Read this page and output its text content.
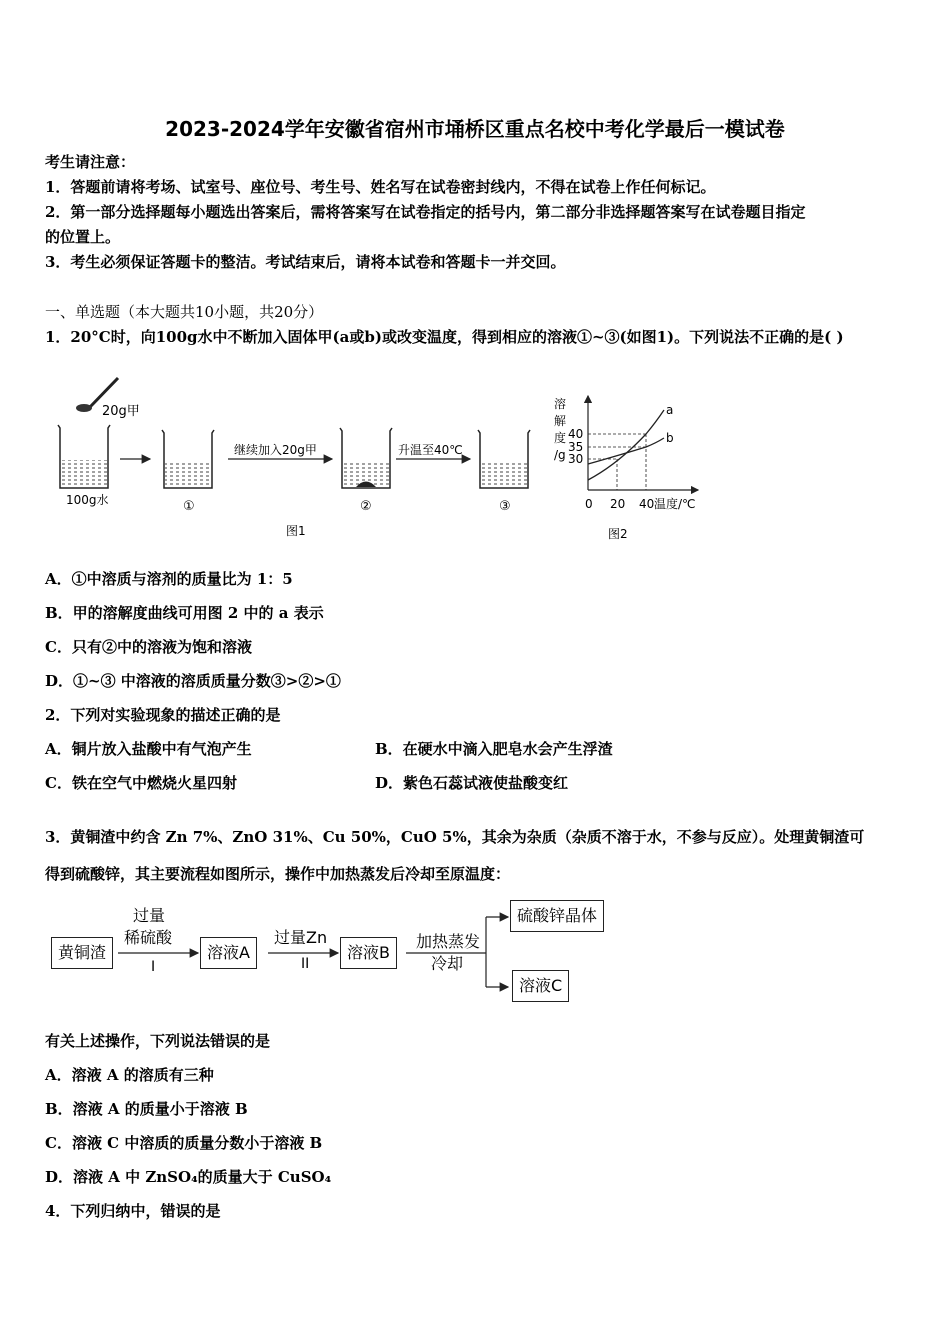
2023-2024学年安徽省宿州市埇桥区重点名校中考化学最后一模试卷
考生请注意：
1．答题前请将考场、试室号、座位号、考生号、姓名写在试卷密封线内，不得在试卷上作任何标记。
2．第一部分选择题每小题选出答案后，需将答案写在试卷指定的括号内，第二部分非选择题答案写在试卷题目指定
的位置上。
3．考生必须保证答题卡的整洁。考试结束后，请将本试卷和答题卡一并交回。
一、单选题（本大题共10小题，共20分）
1．20°C时，向100g水中不断加入固体甲(a或b)或改变温度，得到相应的溶液①~③(如图1)。下列说法不正确的是( )
20g甲
100g水	①
继续加入20g甲
②
升温至40℃
③
图1
溶
解
度
/g
a
b
40
35
30
0 20 40 温度/℃
图2
A．①中溶质与溶剂的质量比为 1：5
B．甲的溶解度曲线可用图 2 中的 a 表示
C．只有②中的溶液为饱和溶液
D．①~③ 中溶液的溶质质量分数③>②>①
2．下列对实验现象的描述正确的是
A．铜片放入盐酸中有气泡产生	B．在硬水中滴入肥皂水会产生浮渣
C．铁在空气中燃烧火星四射	D．紫色石蕊试液使盐酸变红
3．黄铜渣中约含 Zn 7%、ZnO 31%、Cu 50%，CuO 5%，其余为杂质（杂质不溶于水，不参与反应）。处理黄铜渣可
得到硫酸锌，其主要流程如图所示，操作中加热蒸发后冷却至原温度：
过量
稀硫酸
I
过量Zn
II
加热蒸发
冷却
黄铜渣	溶液A	溶液B
硫酸锌晶体
溶液C
有关上述操作，下列说法错误的是
A．溶液 A 的溶质有三种
B．溶液 A 的质量小于溶液 B
C．溶液 C 中溶质的质量分数小于溶液 B
D．溶液 A 中 ZnSO₄的质量大于 CuSO₄
4．下列归纳中，错误的是
